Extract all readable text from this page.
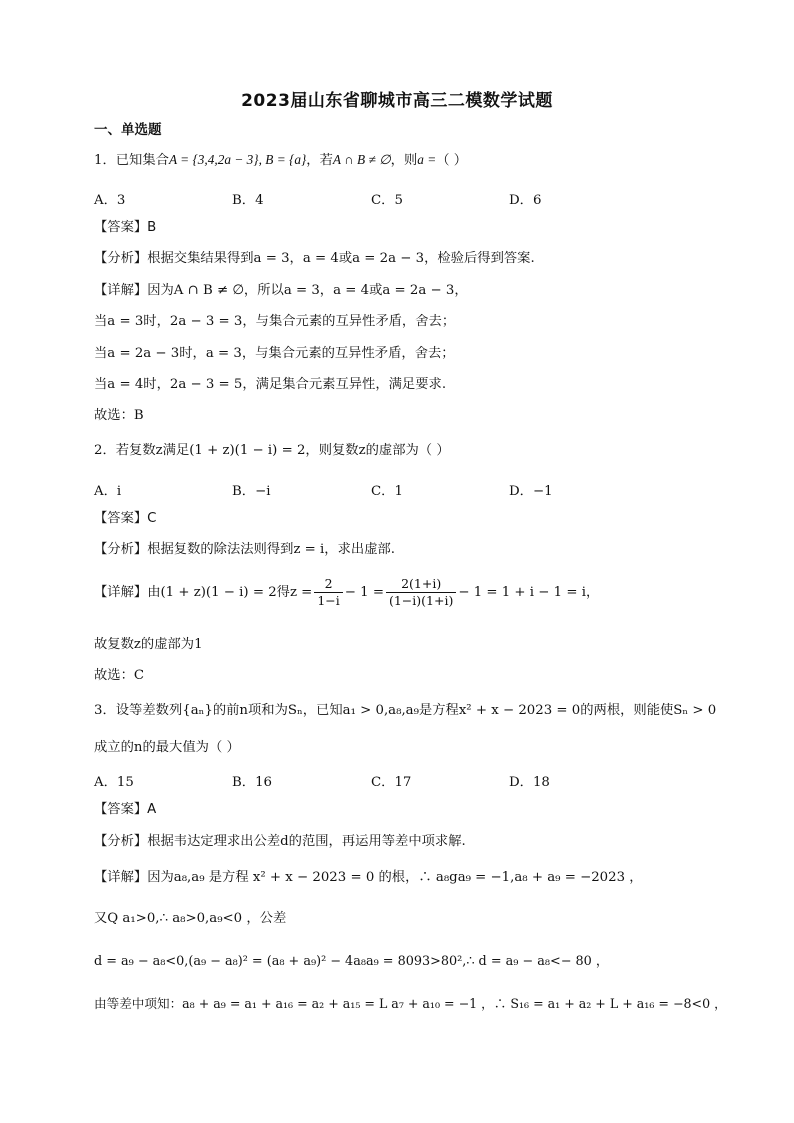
2023届山东省聊城市高三二模数学试题
一、单选题
1．已知集合A = {3,4,2a − 3}, B = {a}，若A ∩ B ≠ ∅，则a =（ ）
A．3	B．4	C．5	D．6
【答案】B
【分析】根据交集结果得到a = 3，a = 4或a = 2a − 3，检验后得到答案.
【详解】因为A ∩ B ≠ ∅，所以a = 3，a = 4或a = 2a − 3，
当a = 3时，2a − 3 = 3，与集合元素的互异性矛盾，舍去；
当a = 2a − 3时，a = 3，与集合元素的互异性矛盾，舍去；
当a = 4时，2a − 3 = 5，满足集合元素互异性，满足要求.
故选：B
2．若复数z满足(1 + z)(1 − i) = 2，则复数z的虚部为（ ）
A．i	B．−i	C．1	D．−1
【答案】C
【分析】根据复数的除法法则得到z = i，求出虚部.
【详解】由(1 + z)(1 − i) = 2得$z = \frac{2}{1-i} - 1 = \frac{2(1+i)}{(1-i)(1+i)} - 1 = 1 + i - 1 = i$，
故复数z的虚部为1
故选：C
3．设等差数列{aₙ}的前n项和为Sₙ，已知a₁ > 0,a₈,a₉是方程x² + x − 2023 = 0的两根，则能使Sₙ > 0
成立的n的最大值为（ ）
A．15	B．16	C．17	D．18
【答案】A
【分析】根据韦达定理求出公差d的范围，再运用等差中项求解.
【详解】因为a₈,a₉ 是方程 x² + x − 2023 = 0 的根，∴ a₈ga₉ = −1,a₈ + a₉ = −2023 ，
又Q a₁>0,∴ a₈>0,a₉<0 ，公差
d = a₉ − a₈<0,(a₉ − a₈)² = (a₈ + a₉)² − 4a₈a₉ = 8093>80²,∴ d = a₉ − a₈<− 80 ，
由等差中项知：a₈ + a₉ = a₁ + a₁₆ = a₂ + a₁₅ = L a₇ + a₁₀ = −1 ，∴ S₁₆ = a₁ + a₂ + L + a₁₆ = −8<0 ，
